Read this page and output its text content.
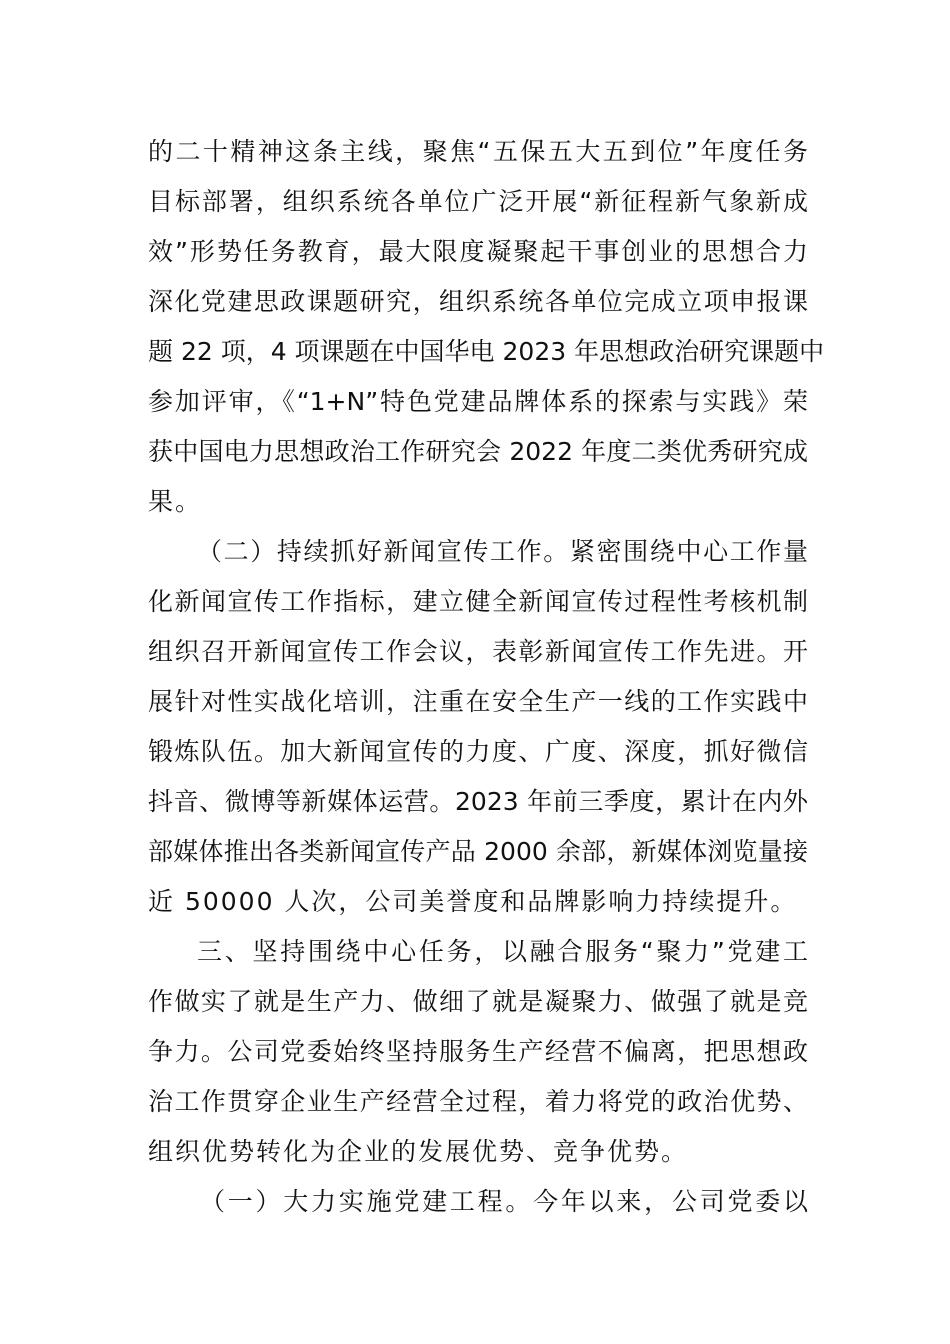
的二十精神这条主线，聚焦“五保五大五到位”年度任务
目标部署，组织系统各单位广泛开展“新征程新气象新成
效”形势任务教育，最大限度凝聚起干事创业的思想合力
深化党建思政课题研究，组织系统各单位完成立项申报课
题 22 项，4 项课题在中国华电 2023 年思想政治研究课题中
参加评审，《“1+N”特色党建品牌体系的探索与实践》荣
获中国电力思想政治工作研究会 2022 年度二类优秀研究成
果。
（二）持续抓好新闻宣传工作。紧密围绕中心工作量
化新闻宣传工作指标，建立健全新闻宣传过程性考核机制
组织召开新闻宣传工作会议，表彰新闻宣传工作先进。开
展针对性实战化培训，注重在安全生产一线的工作实践中
锻炼队伍。加大新闻宣传的力度、广度、深度，抓好微信
抖音、微博等新媒体运营。2023 年前三季度，累计在内外
部媒体推出各类新闻宣传产品 2000 余部，新媒体浏览量接
近 50000 人次，公司美誉度和品牌影响力持续提升。
三、坚持围绕中心任务，以融合服务“聚力”党建工
作做实了就是生产力、做细了就是凝聚力、做强了就是竞
争力。公司党委始终坚持服务生产经营不偏离，把思想政
治工作贯穿企业生产经营全过程，着力将党的政治优势、
组织优势转化为企业的发展优势、竞争优势。
（一）大力实施党建工程。今年以来，公司党委以
